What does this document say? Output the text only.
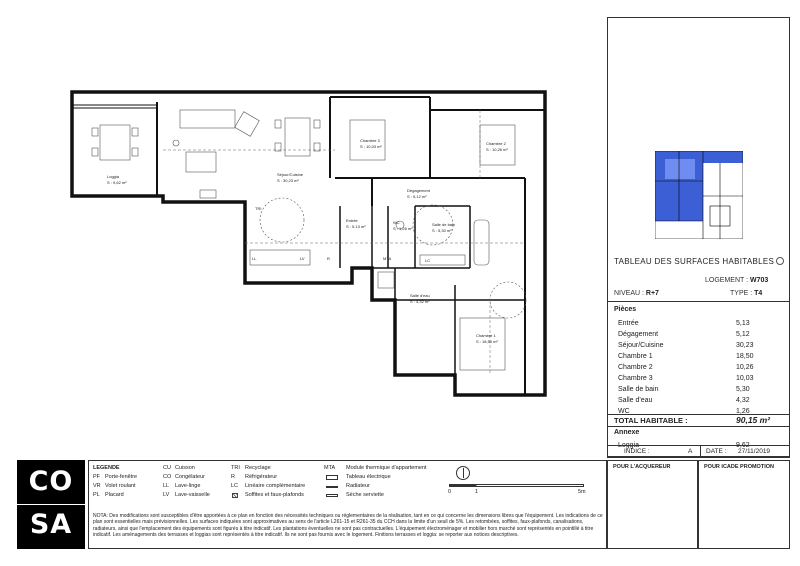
Loggia
S : 9,62 m²
Séjour/Cuisine
S : 30,23 m²
Chambre 3
S : 10,03 m²
Chambre 2
S : 10,26 m²
Chambre 1
S : 18,50 m²
Dégagement
S : 5,12 m²
Entrée
S : 5,13 m²
WC
S : 1,26 m²
Salle de bain
S : 5,30 m²
Salle d'eau
S : 4,32 m²
TRI
LL	R	MTA	LC
LV	TABLEAU DES SURFACES HABITABLES
LOGEMENT : W703
NIVEAU : R+7	TYPE : T4
Pièces
Entrée	5,13
Dégagement	5,12
Séjour/Cuisine	30,23
Chambre 1	18,50
Chambre 2	10,26
Chambre 3	10,03
Salle de bain	5,30
Salle d'eau	4,32
WC	1,26
TOTAL HABITABLE :	90,15 m²
Annexe
Loggia	9,62
INDICE :	A DATE : 27/11/2019
CO
SA
LEGENDE
PF Porte-fenêtre
VR Volet roulant
PL Placard
CU Cuisson
CO Congélateur
LL Lave-linge
LV Lave-vaisselle
TRI Recyclage
R Réfrigérateur
LC Linéaire complémentaire
Soffites et faux-plafonds
MTA Module thermique d'appartement
Tableau électrique
Radiateur
Sèche serviette	0	1	5m
NOTA: Des modifications sont susceptibles d'être apportées à ce plan en fonction des nécessités techniques ou réglementaires de la réalisation, tant en ce qui concerne les dimensions libres que l'équipement. Les indications de ce plan sont essentielles mais prévisionnelles. Les surfaces indiquées sont approximatives au sens de l'article L261-15 et R261-35 du CCH dans la limite d'un seuil de 5%. Les retombées, soffites, faux-plafonds, canalisations, radiateurs, ainsi que l'emplacement des équipements sont figurés à titre indicatif. Les plantations éventuelles ne sont pas contractuelles. L'équipement électroménager et mobilier hors marché sont représentés en pointillé à titre indicatif. Les aménagements des terrasses et loggias sont représentés à titre indicatif. Ils ne sont pas fournis avec le logement. Finitions terrasses et loggia: se reporter aux notices descriptives.
POUR L'ACQUEREUR	POUR ICADE PROMOTION
